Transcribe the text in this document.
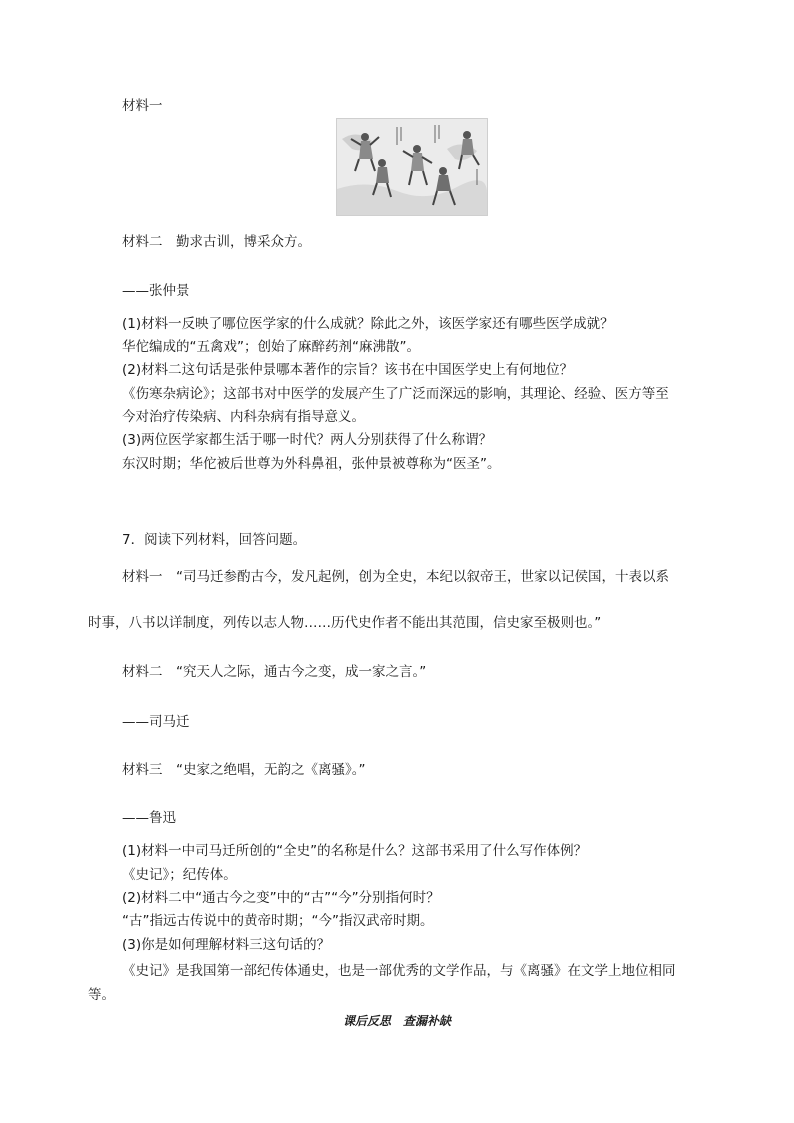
材料一
材料二　勤求古训，博采众方。
——张仲景
(1)材料一反映了哪位医学家的什么成就？除此之外，该医学家还有哪些医学成就？
华佗编成的“五禽戏”；创始了麻醉药剂“麻沸散”。
(2)材料二这句话是张仲景哪本著作的宗旨？该书在中国医学史上有何地位？
《伤寒杂病论》；这部书对中医学的发展产生了广泛而深远的影响，其理论、经验、医方等至
今对治疗传染病、内科杂病有指导意义。
(3)两位医学家都生活于哪一时代？两人分别获得了什么称谓？
东汉时期；华佗被后世尊为外科鼻祖，张仲景被尊称为“医圣”。
7．阅读下列材料，回答问题。
材料一　“司马迁参酌古今，发凡起例，创为全史，本纪以叙帝王，世家以记侯国，十表以系
时事，八书以详制度，列传以志人物……历代史作者不能出其范围，信史家至极则也。”
材料二　“究天人之际，通古今之变，成一家之言。”
——司马迁
材料三　“史家之绝唱，无韵之《离骚》。”
——鲁迅
(1)材料一中司马迁所创的“全史”的名称是什么？这部书采用了什么写作体例？
《史记》；纪传体。
(2)材料二中“通古今之变”中的“古”“今”分别指何时？
“古”指远古传说中的黄帝时期；“今”指汉武帝时期。
(3)你是如何理解材料三这句话的？
《史记》是我国第一部纪传体通史，也是一部优秀的文学作品，与《离骚》在文学上地位相同
等。
课后反思　查漏补缺
